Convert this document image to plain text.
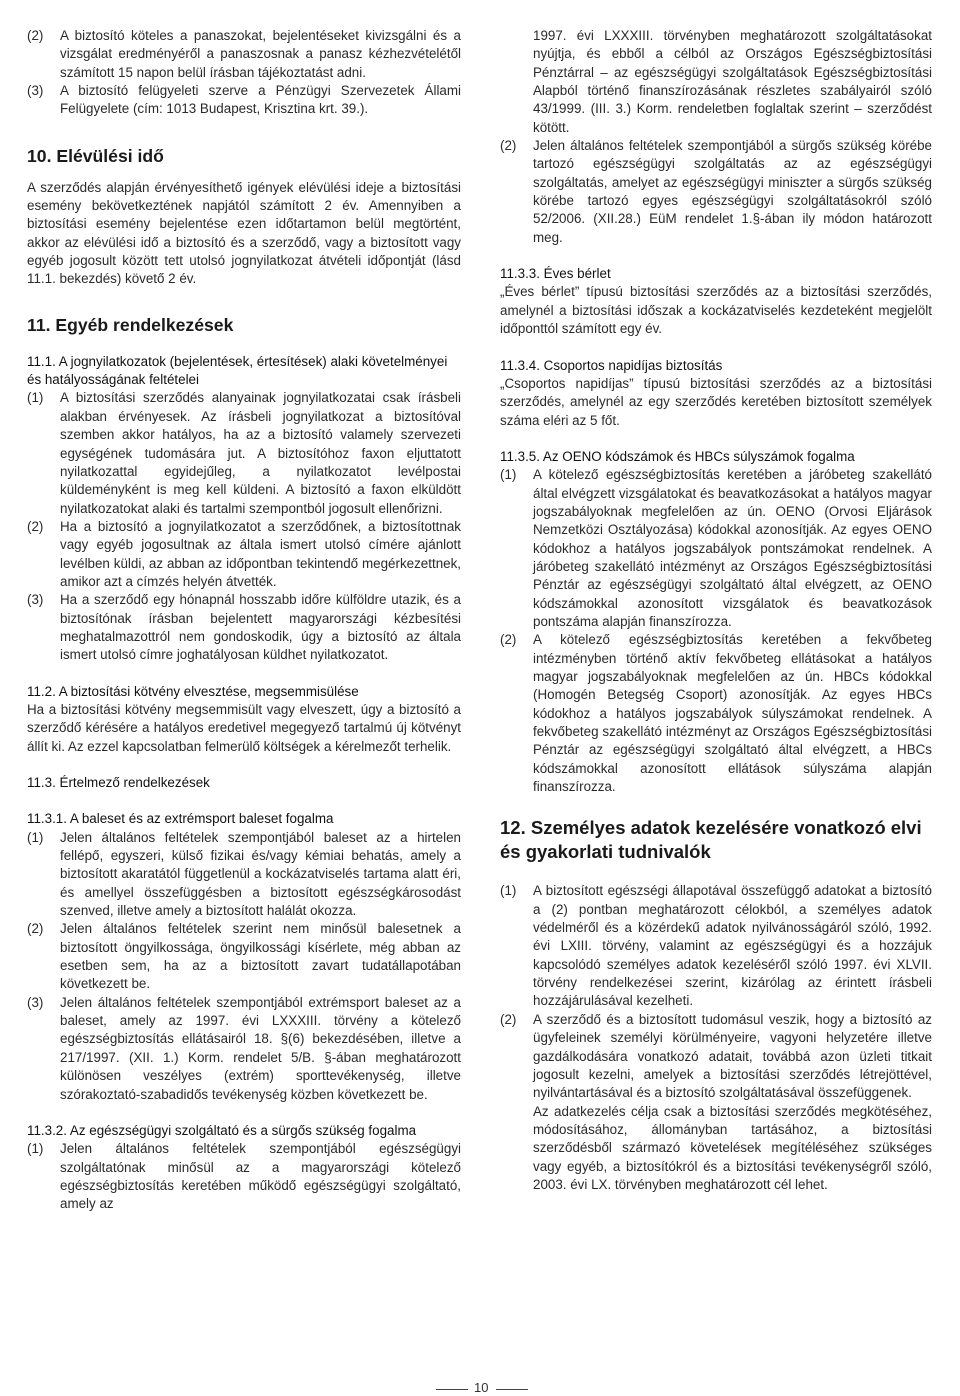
(2)	A biztosító köteles a panaszokat, bejelentéseket kivizsgálni és a vizsgálat eredményéről a panaszosnak a panasz kézhezvételétől számított 15 napon belül írásban tájékoztatást adni.
(3)	A biztosító felügyeleti szerve a Pénzügyi Szervezetek Állami Felügyelete (cím: 1013 Budapest, Krisztina krt. 39.).
10. Elévülési idő

A szerződés alapján érvényesíthető igények elévülési ideje a biztosítási esemény bekövetkeztének napjától számított 2 év. Amennyiben a biztosítási esemény bejelentése ezen időtartamon belül megtörtént, akkor az elévülési idő a biztosító és a szerződő, vagy a biztosított vagy egyéb jogosult között tett utolsó jognyilatkozat átvételi időpontját (lásd 11.1. bekezdés) követő 2 év.

11. Egyéb rendelkezések
11.1. A jognyilatkozatok (bejelentések, értesítések) alaki követelményei és hatályosságának feltételei
(1)	A biztosítási szerződés alanyainak jognyilatkozatai csak írásbeli alakban érvényesek. Az írásbeli jognyilatkozat a biztosítóval szemben akkor hatályos, ha az a biztosító valamely szervezeti egységének tudomására jut. A biztosítóhoz faxon eljuttatott nyilatkozattal egyidejűleg, a nyilatkozatot levélpostai küldeményként is meg kell küldeni. A biztosító a faxon elküldött nyilatkozatokat alaki és tartalmi szempontból jogosult ellenőrizni.
(2)	Ha a biztosító a jognyilatkozatot a szerződőnek, a biztosítottnak vagy egyéb jogosultnak az általa ismert utolsó címére ajánlott levélben küldi, az abban az időpontban tekintendő megérkezettnek, amikor azt a címzés helyén átvették.
(3)	Ha a szerződő egy hónapnál hosszabb időre külföldre utazik, és a biztosítónak írásban bejelentett magyarországi kézbesítési meghatalmazottról nem gondoskodik, úgy a biztosító az általa ismert utolsó címre joghatályosan küldhet nyilatkozatot.
11.2. A biztosítási kötvény elvesztése, megsemmisülése

Ha a biztosítási kötvény megsemmisült vagy elveszett, úgy a biztosító a szerződő kérésére a hatályos eredetivel megegyező tartalmú új kötvényt állít ki. Az ezzel kapcsolatban felmerülő költségek a kérelmezőt terhelik.

11.3. Értelmező rendelkezések
11.3.1. A baleset és az extrémsport baleset fogalma
(1)	Jelen általános feltételek szempontjából baleset az a hirtelen fellépő, egyszeri, külső fizikai és/vagy kémiai behatás, amely a biztosított akaratától függetlenül a kockázatviselés tartama alatt éri, és amellyel összefüggésben a biztosított egészségkárosodást szenved, illetve amely a biztosított halálát okozza.
(2)	Jelen általános feltételek szerint nem minősül balesetnek a biztosított öngyilkossága, öngyilkossági kísérlete, még abban az esetben sem, ha az a biztosított zavart tudatállapotában következett be.
(3)	Jelen általános feltételek szempontjából extrémsport baleset az a baleset, amely az 1997. évi LXXXIII. törvény a kötelező egészségbiztosítás ellátásairól 18. §(6) bekezdésében, illetve a 217/1997. (XII. 1.) Korm. rendelet 5/B. §-ában meghatározott különösen veszélyes (extrém) sporttevékenység, illetve szórakoztató-szabadidős tevékenység közben következett be.
11.3.2. Az egészségügyi szolgáltató és a sürgős szükség fogalma
(1)	Jelen általános feltételek szempontjából egészségügyi szolgáltatónak minősül az a magyarországi kötelező egészségbiztosítás keretében működő egészségügyi szolgáltató, amely az
1997. évi LXXXIII. törvényben meghatározott szolgáltatásokat nyújtja, és ebből a célból az Országos Egészségbiztosítási Pénztárral – az egészségügyi szolgáltatások Egészségbiztosítási Alapból történő finanszírozásának részletes szabályairól szóló 43/1999. (III. 3.) Korm. rendeletben foglaltak szerint – szerződést kötött.
(2)	Jelen általános feltételek szempontjából a sürgős szükség körébe tartozó egészségügyi szolgáltatás az az egészségügyi szolgáltatás, amelyet az egészségügyi miniszter a sürgős szükség körébe tartozó egyes egészségügyi szolgáltatásokról szóló 52/2006. (XII.28.) EüM rendelet 1.§-ában ily módon határozott meg.
11.3.3. Éves bérlet

„Éves bérlet” típusú biztosítási szerződés az a biztosítási szerződés, amelynél a biztosítási időszak a kockázatviselés kezdeteként megjelölt időponttól számított egy év.

11.3.4. Csoportos napidíjas biztosítás

„Csoportos napidíjas” típusú biztosítási szerződés az a biztosítási szerződés, amelynél az egy szerződés keretében biztosított személyek száma eléri az 5 főt.

11.3.5. Az OENO kódszámok és HBCs súlyszámok fogalma
(1)	A kötelező egészségbiztosítás keretében a járóbeteg szakellátó által elvégzett vizsgálatokat és beavatkozásokat a hatályos magyar jogszabályoknak megfelelően az ún. OENO (Orvosi Eljárások Nemzetközi Osztályozása) kódokkal azonosítják. Az egyes OENO kódokhoz a hatályos jogszabályok pontszámokat rendelnek. A járóbeteg szakellátó intézményt az Országos Egészségbiztosítási Pénztár az egészségügyi szolgáltató által elvégzett, az OENO kódszámokkal azonosított vizsgálatok és beavatkozások pontszáma alapján finanszírozza.
(2)	A kötelező egészségbiztosítás keretében a fekvőbeteg intézményben történő aktív fekvőbeteg ellátásokat a hatályos magyar jogszabályoknak megfelelően az ún. HBCs kódokkal (Homogén Betegség Csoport) azonosítják. Az egyes HBCs kódokhoz a hatályos jogszabályok súlyszámokat rendelnek. A fekvőbeteg szakellátó intézményt az Országos Egészségbiztosítási Pénztár az egészségügyi szolgáltató által elvégzett, a HBCs kódszámokkal azonosított ellátások súlyszáma alapján finanszírozza.
12. Személyes adatok kezelésére vonatkozó elvi és gyakorlati tudnivalók
(1)	A biztosított egészségi állapotával összefüggő adatokat a biztosító a (2) pontban meghatározott célokból, a személyes adatok védelméről és a közérdekű adatok nyilvánosságáról szóló, 1992. évi LXIII. törvény, valamint az egészségügyi és a hozzájuk kapcsolódó személyes adatok kezeléséről szóló 1997. évi XLVII. törvény rendelkezései szerint, kizárólag az érintett írásbeli hozzájárulásával kezelheti.
(2)	A szerződő és a biztosított tudomásul veszik, hogy a biztosító az ügyfeleinek személyi körülményeire, vagyoni helyzetére illetve gazdálkodására vonatkozó adatait, továbbá azon üzleti titkait jogosult kezelni, amelyek a biztosítási szerződés létrejöttével, nyilvántartásával és a biztosító szolgáltatásával összefüggenek.
Az adatkezelés célja csak a biztosítási szerződés megkötéséhez, módosításához, állományban tartásához, a biztosítási szerződésből származó követelések megítéléséhez szükséges vagy egyéb, a biztosítókról és a biztosítási tevékenységről szóló, 2003. évi LX. törvényben meghatározott cél lehet.
10
